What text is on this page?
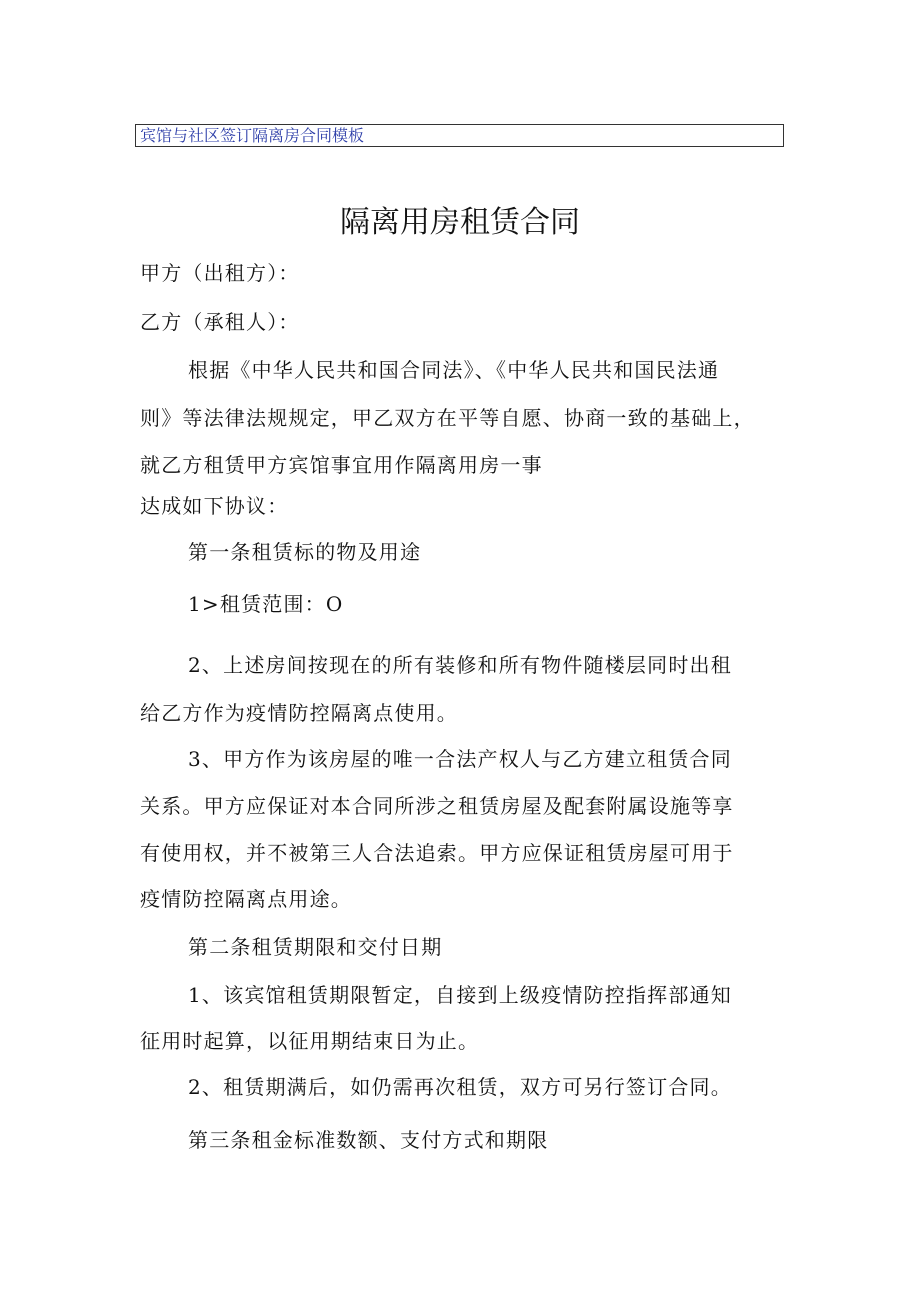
宾馆与社区签订隔离房合同模板
隔离用房租赁合同
甲方（出租方）：
乙方（承租人）：
根据《中华人民共和国合同法》、《中华人民共和国民法通
则》等法律法规规定，甲乙双方在平等自愿、协商一致的基础上，
就乙方租赁甲方宾馆事宜用作隔离用房一事
达成如下协议：
第一条租赁标的物及用途
1>租赁范围：O
2、上述房间按现在的所有装修和所有物件随楼层同时出租
给乙方作为疫情防控隔离点使用。
3、甲方作为该房屋的唯一合法产权人与乙方建立租赁合同
关系。甲方应保证对本合同所涉之租赁房屋及配套附属设施等享
有使用权，并不被第三人合法追索。甲方应保证租赁房屋可用于
疫情防控隔离点用途。
第二条租赁期限和交付日期
1、该宾馆租赁期限暂定，自接到上级疫情防控指挥部通知
征用时起算，以征用期结束日为止。
2、租赁期满后，如仍需再次租赁，双方可另行签订合同。
第三条租金标准数额、支付方式和期限
